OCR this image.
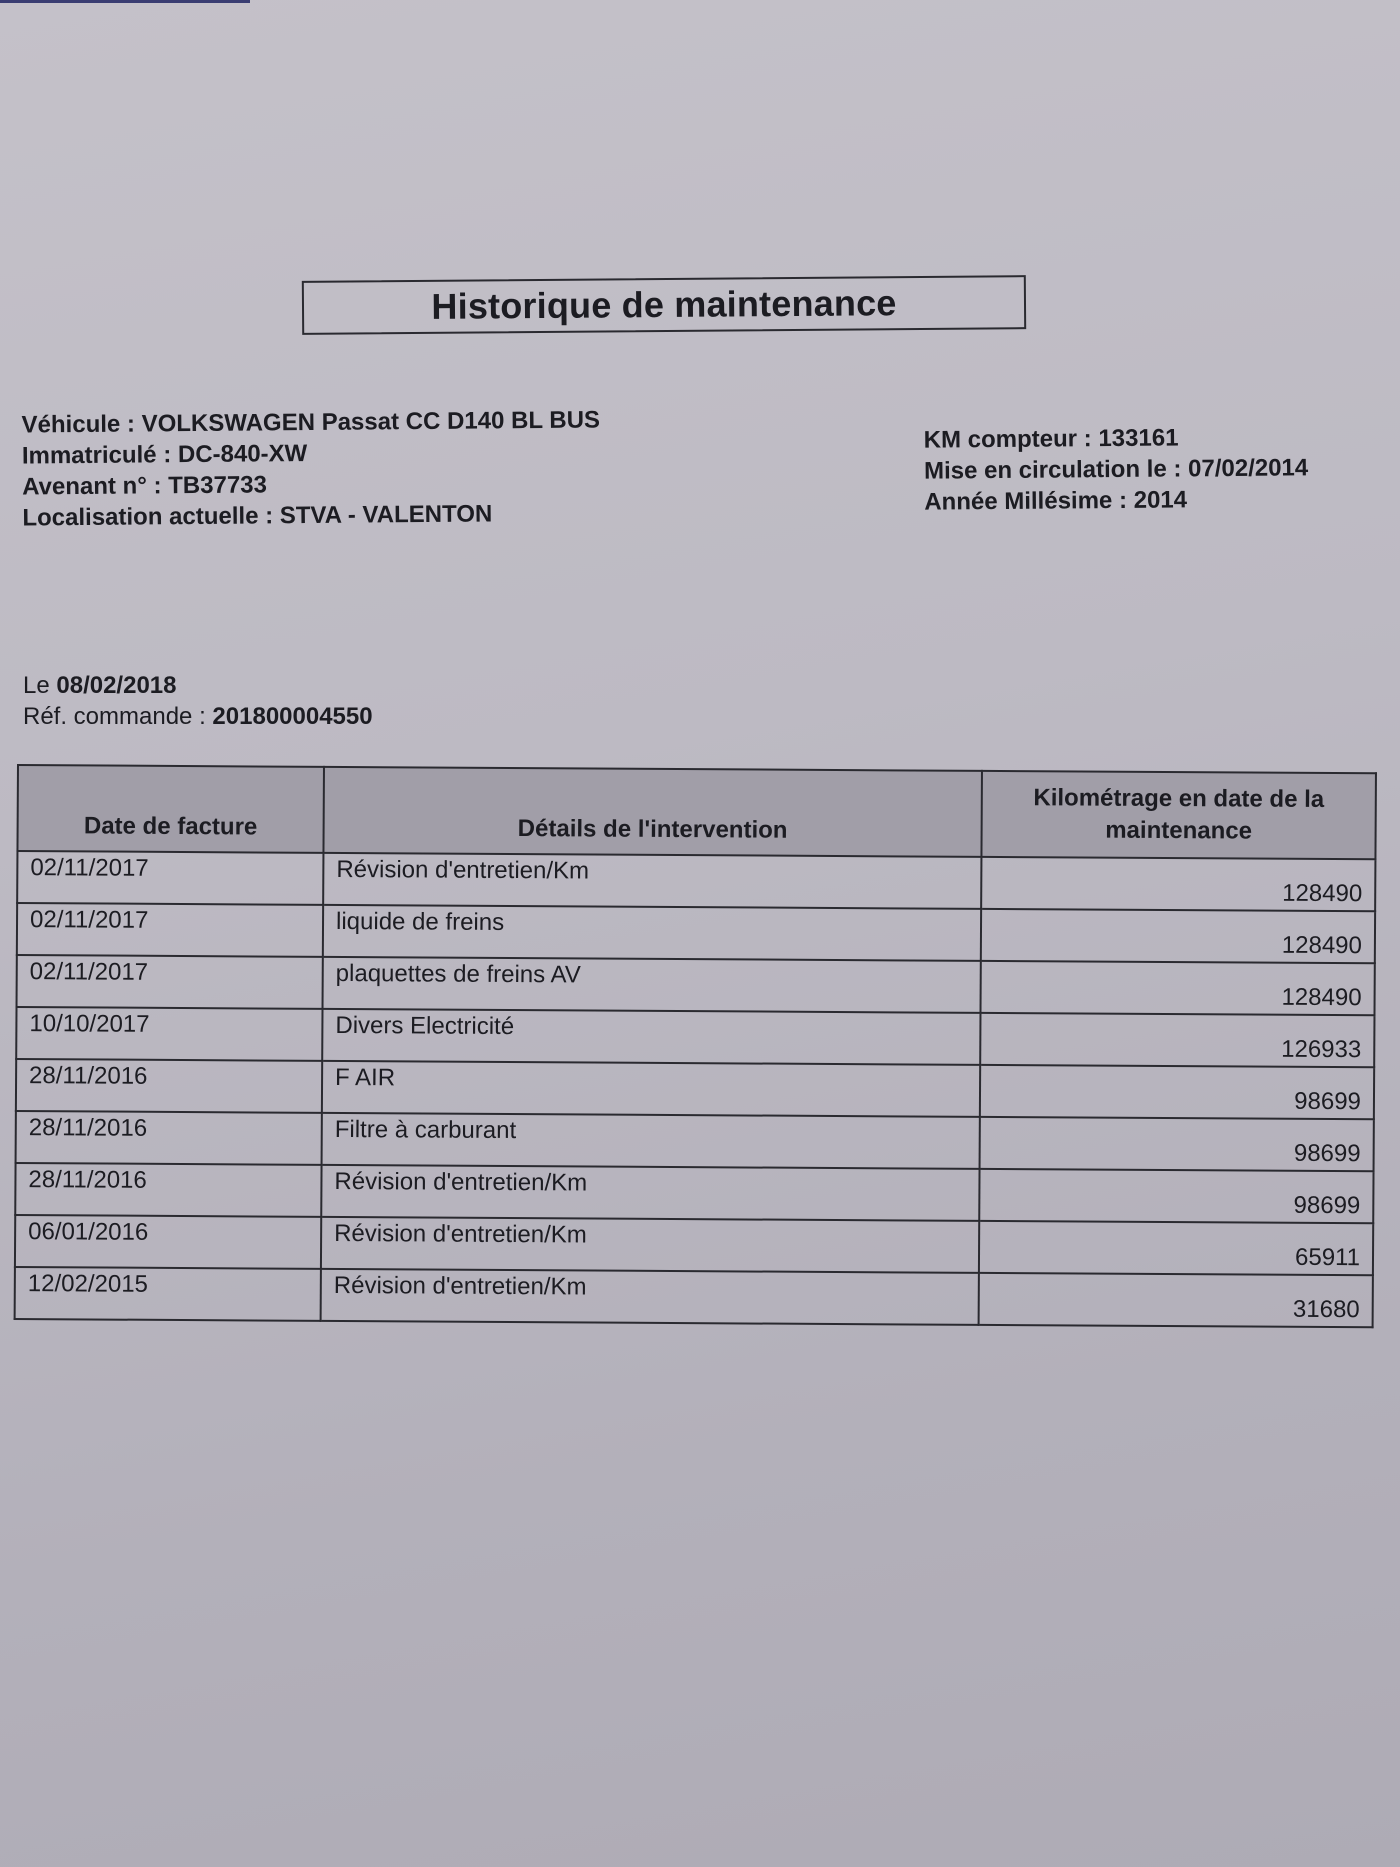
Historique de maintenance
Véhicule : VOLKSWAGEN Passat CC D140 BL BUS
Immatriculé : DC-840-XW
Avenant n° : TB37733
Localisation actuelle : STVA - VALENTON
KM compteur : 133161
Mise en circulation le : 07/02/2014
Année Millésime : 2014
Le 08/02/2018
Réf. commande : 201800004550
Date de facture	Détails de l'intervention	Kilométrage en date de la
maintenance

02/11/2017	Révision d'entretien/Km	128490
02/11/2017	liquide de freins	128490
02/11/2017	plaquettes de freins AV	128490
10/10/2017	Divers Electricité	126933
28/11/2016	F AIR	98699
28/11/2016	Filtre à carburant	98699
28/11/2016	Révision d'entretien/Km	98699
06/01/2016	Révision d'entretien/Km	65911
12/02/2015	Révision d'entretien/Km	31680
